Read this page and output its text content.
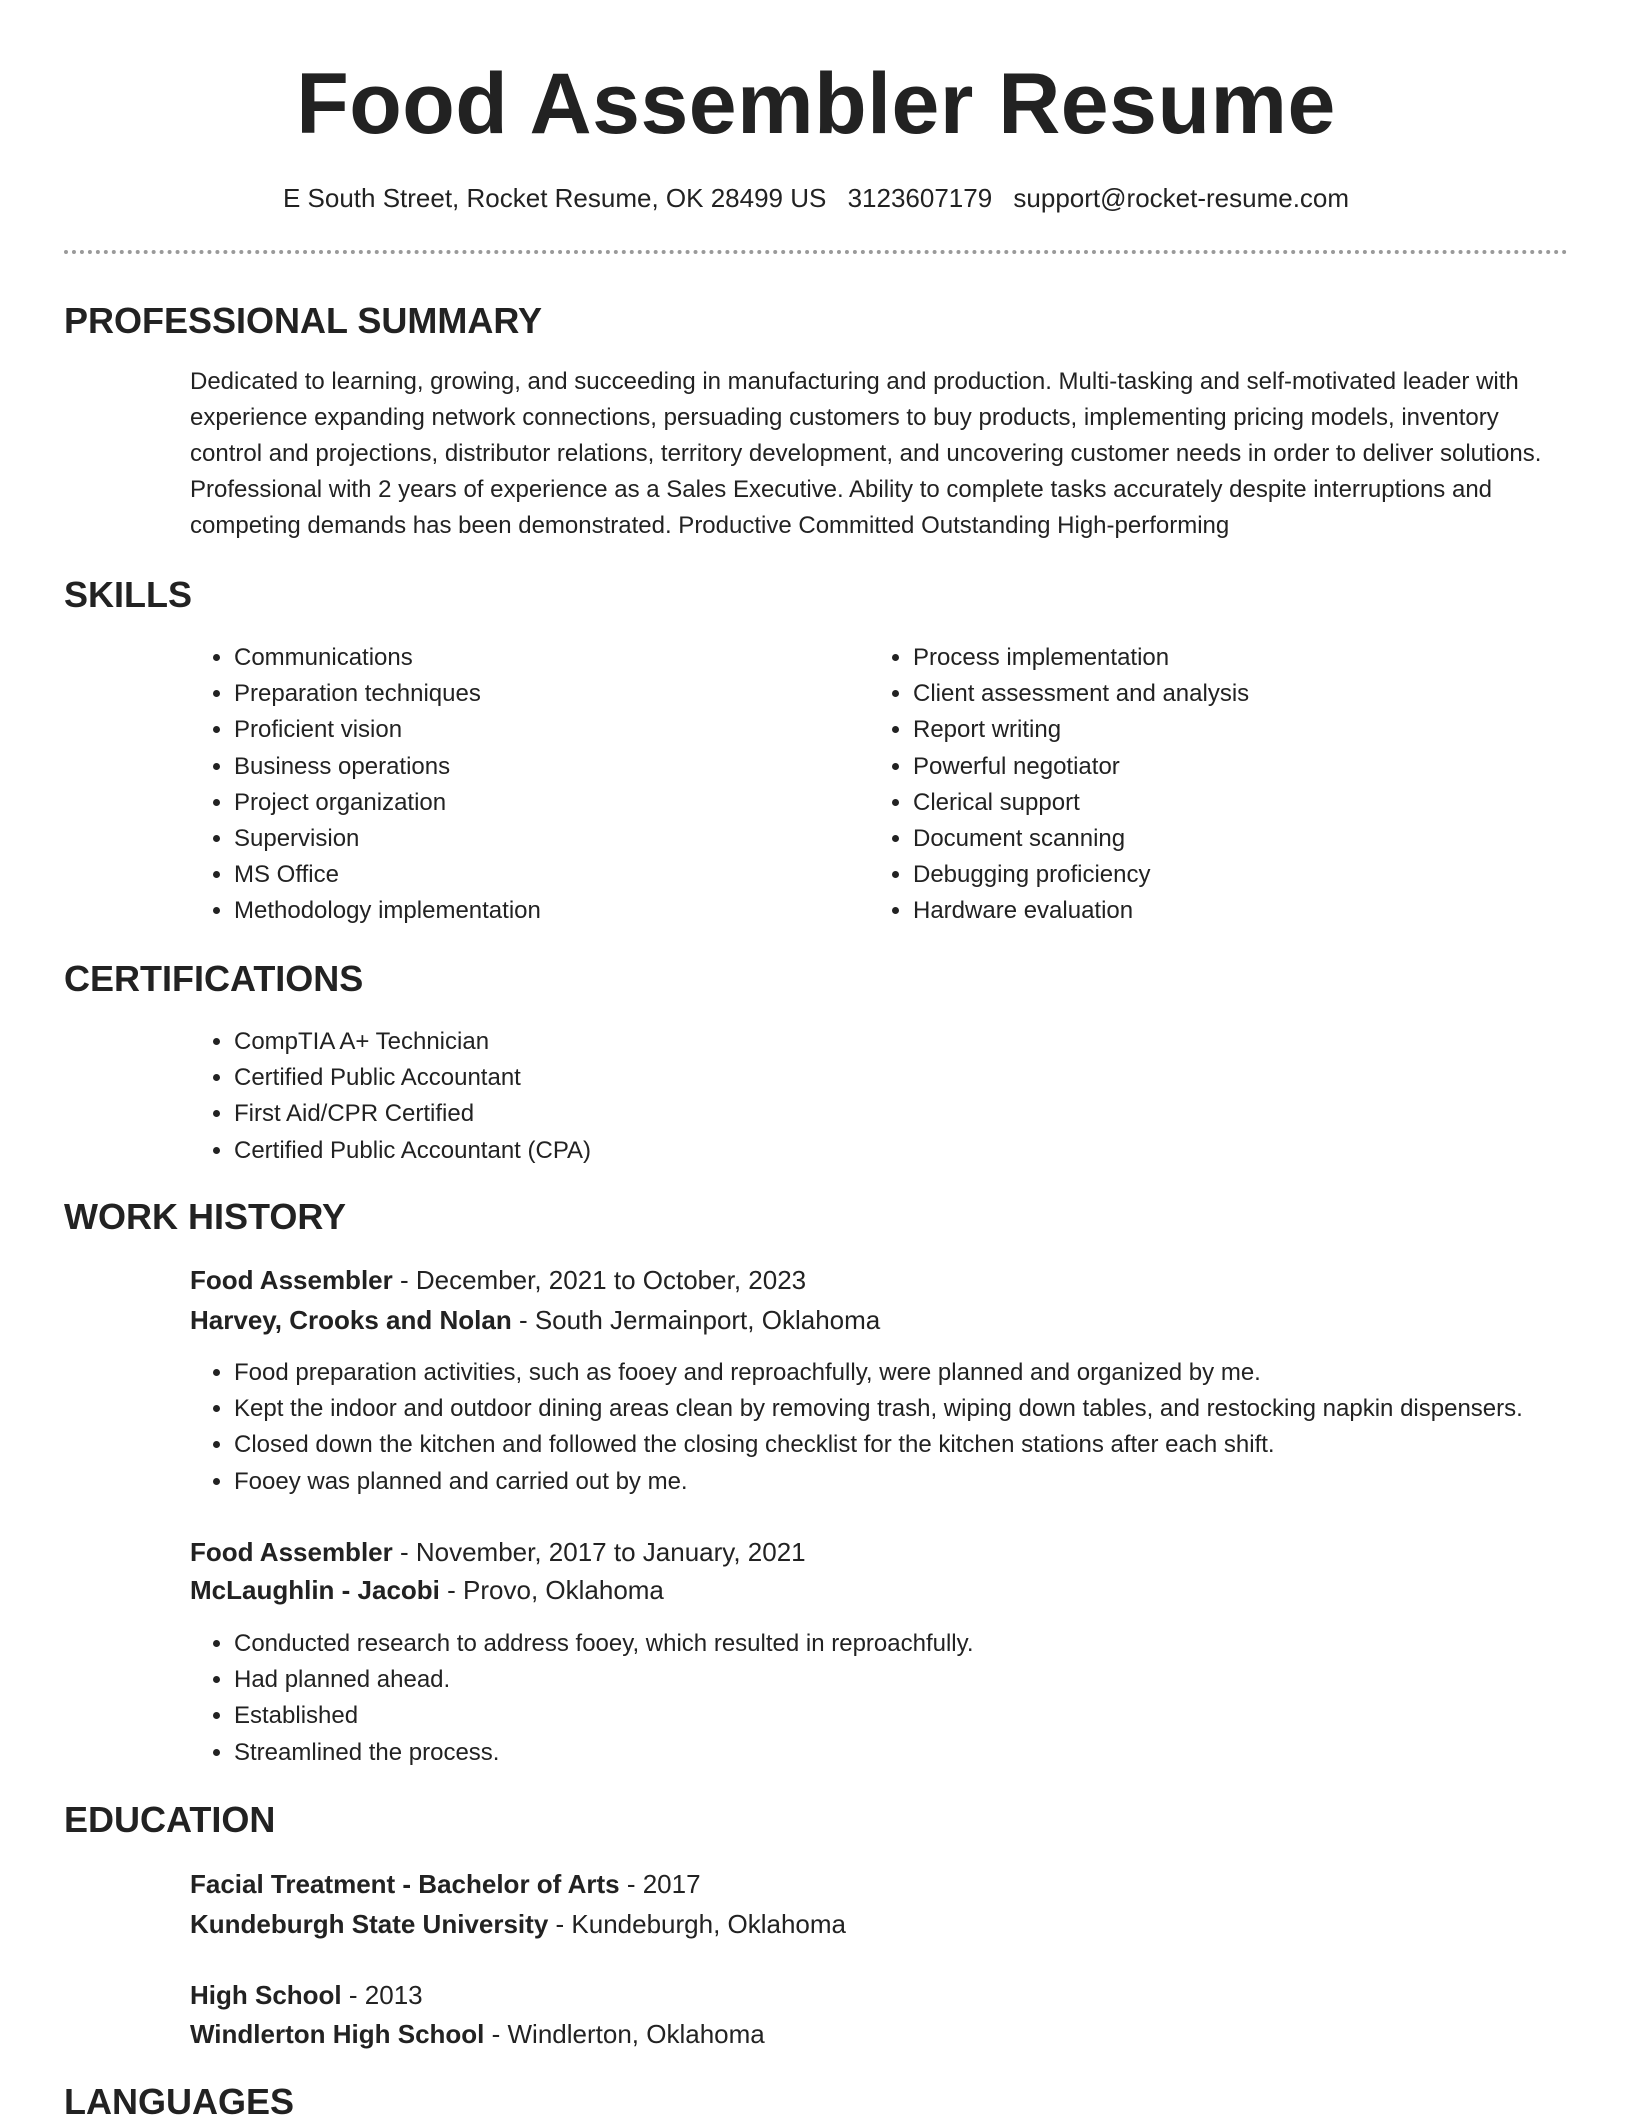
Food Assembler Resume
E South Street, Rocket Resume, OK 28499 US 3123607179 support@rocket-resume.com
PROFESSIONAL SUMMARY

Dedicated to learning, growing, and succeeding in manufacturing and production. Multi-tasking and self-motivated leader with experience expanding network connections, persuading customers to buy products, implementing pricing models, inventory control and projections, distributor relations, territory development, and uncovering customer needs in order to deliver solutions. Professional with 2 years of experience as a Sales Executive. Ability to complete tasks accurately despite interruptions and competing demands has been demonstrated. Productive Committed Outstanding High-performing

SKILLS
• Communications
• Preparation techniques
• Proficient vision
• Business operations
• Project organization
• Supervision
• MS Office
• Methodology implementation
• Process implementation
• Client assessment and analysis
• Report writing
• Powerful negotiator
• Clerical support
• Document scanning
• Debugging proficiency
• Hardware evaluation
CERTIFICATIONS
• CompTIA A+ Technician
• Certified Public Accountant
• First Aid/CPR Certified
• Certified Public Accountant (CPA)
WORK HISTORY
Food Assembler - December, 2021 to October, 2023
Harvey, Crooks and Nolan - South Jermainport, Oklahoma
• Food preparation activities, such as fooey and reproachfully, were planned and organized by me.
• Kept the indoor and outdoor dining areas clean by removing trash, wiping down tables, and restocking napkin dispensers.
• Closed down the kitchen and followed the closing checklist for the kitchen stations after each shift.
• Fooey was planned and carried out by me.
Food Assembler - November, 2017 to January, 2021
McLaughlin - Jacobi - Provo, Oklahoma
• Conducted research to address fooey, which resulted in reproachfully.
• Had planned ahead.
• Established
• Streamlined the process.
EDUCATION
Facial Treatment - Bachelor of Arts - 2017
Kundeburgh State University - Kundeburgh, Oklahoma
High School - 2013
Windlerton High School - Windlerton, Oklahoma
LANGUAGES
